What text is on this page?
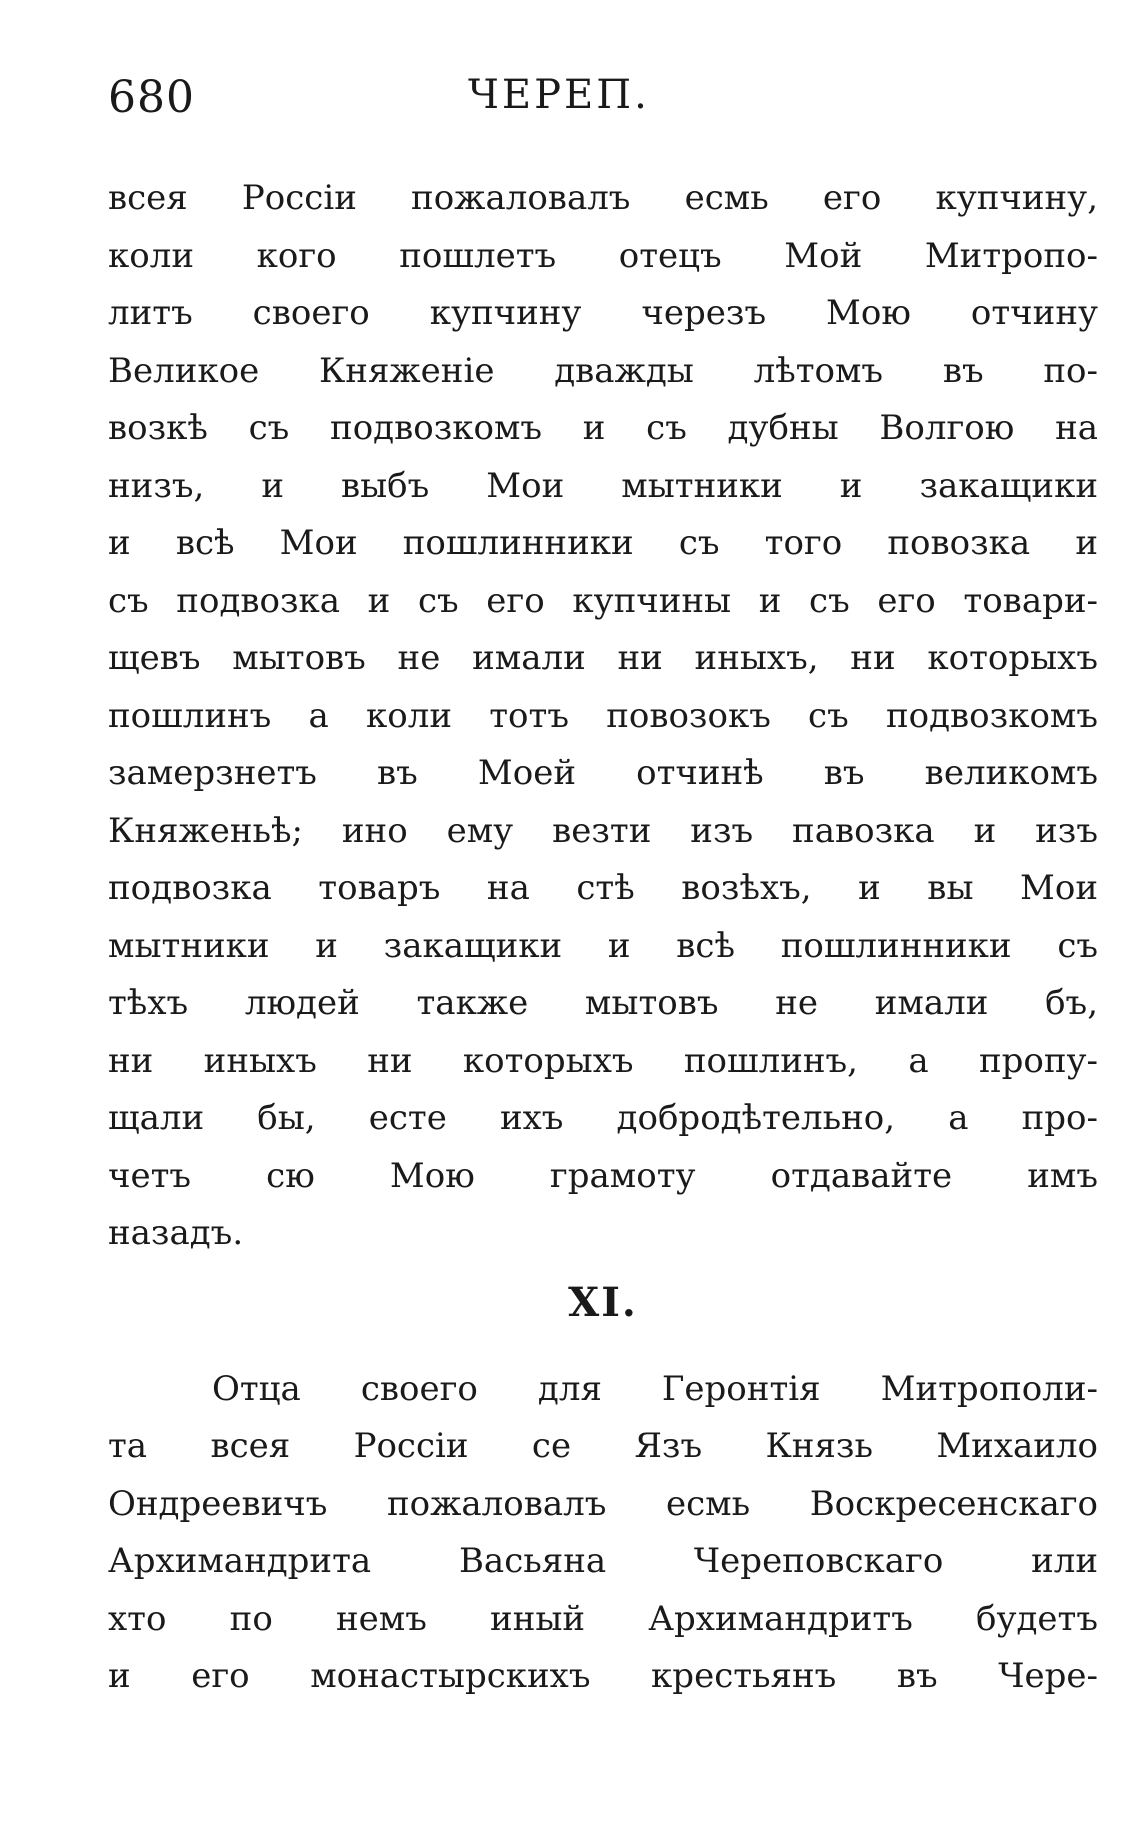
680	ЧЕРЕП.
всея Россіи пожаловалъ есмь его купчину,
коли кого пошлетъ отецъ Мой Митропо-
литъ своего купчину черезъ Мою отчину
Великое Княженіе дважды лѣтомъ въ по-
возкѣ съ подвозкомъ и съ дубны Волгою на
низъ, и выбъ Мои мытники и закащики
и всѣ Мои пошлинники съ того повозка и
съ подвозка и съ его купчины и съ его товари-
щевъ мытовъ не имали ни иныхъ, ни которыхъ
пошлинъ а коли тотъ повозокъ съ подвозкомъ
замерзнетъ въ Моей отчинѣ въ великомъ
Княженьѣ; ино ему везти изъ павозка и изъ
подвозка товаръ на стѣ возѣхъ, и вы Мои
мытники и закащики и всѣ пошлинники съ
тѣхъ людей также мытовъ не имали бъ,
ни иныхъ ни которыхъ пошлинъ, а пропу-
щали бы, есте ихъ добродѣтельно, а про-
четъ сю Мою грамоту отдавайте имъ
назадъ.
XI.
Отца своего для Геронтія Митрополи-
та всея Россіи се Язъ Князь Михаило
Ондреевичъ пожаловалъ есмь Воскресенскаго
Архимандрита Васьяна Череповскаго или
хто по немъ иный Архимандритъ будетъ
и его монастырскихъ крестьянъ въ Чере-
